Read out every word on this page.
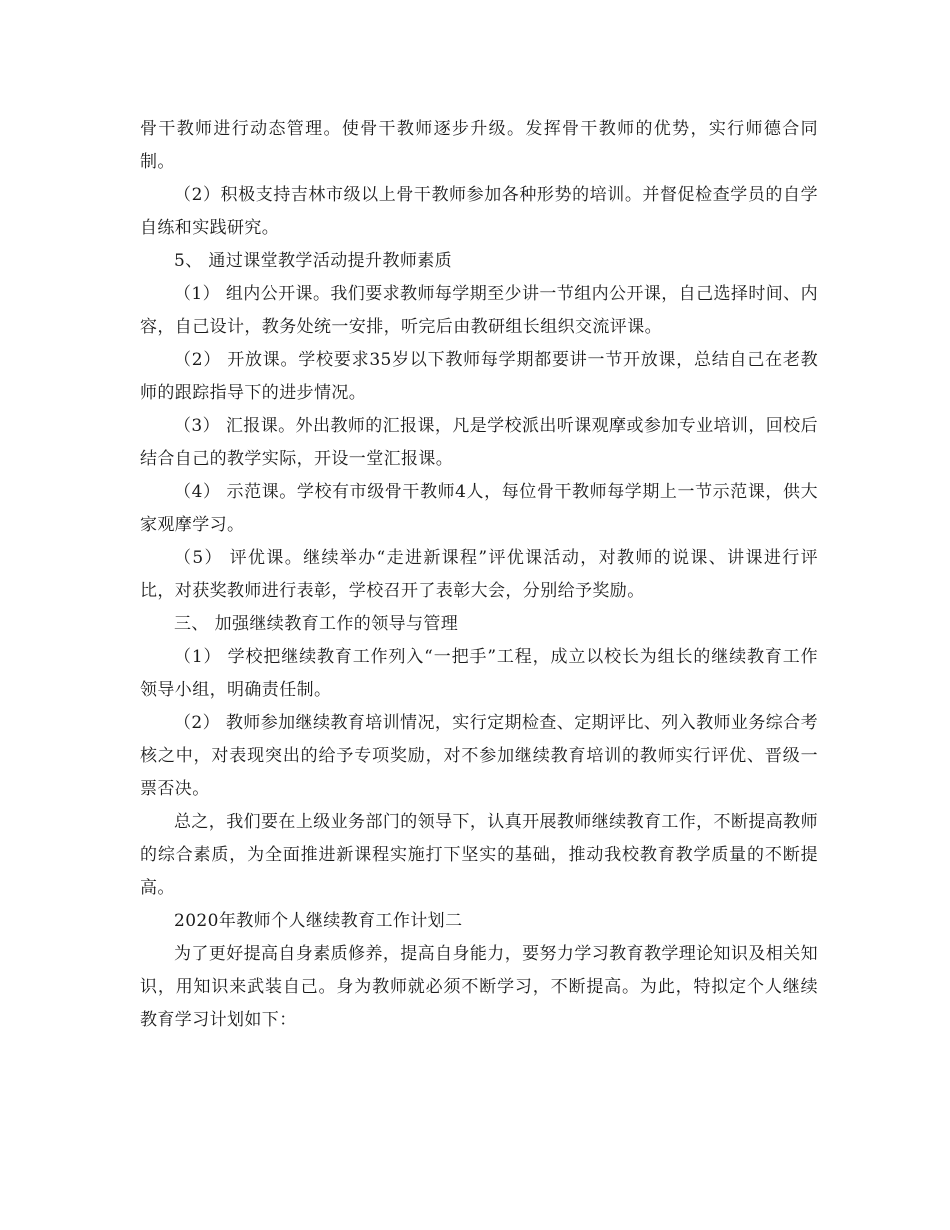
骨干教师进行动态管理。使骨干教师逐步升级。发挥骨干教师的优势，实行师德合同制。

（2）积极支持吉林市级以上骨干教师参加各种形势的培训。并督促检查学员的自学自练和实践研究。

5、 通过课堂教学活动提升教师素质

（1） 组内公开课。我们要求教师每学期至少讲一节组内公开课，自己选择时间、内容，自己设计，教务处统一安排，听完后由教研组长组织交流评课。

（2） 开放课。学校要求35岁以下教师每学期都要讲一节开放课，总结自己在老教师的跟踪指导下的进步情况。

（3） 汇报课。外出教师的汇报课，凡是学校派出听课观摩或参加专业培训，回校后结合自己的教学实际，开设一堂汇报课。

（4） 示范课。学校有市级骨干教师4人，每位骨干教师每学期上一节示范课，供大家观摩学习。

（5） 评优课。继续举办“走进新课程”评优课活动，对教师的说课、讲课进行评比，对获奖教师进行表彰，学校召开了表彰大会，分别给予奖励。

三、 加强继续教育工作的领导与管理

（1） 学校把继续教育工作列入“一把手”工程，成立以校长为组长的继续教育工作领导小组，明确责任制。

（2） 教师参加继续教育培训情况，实行定期检查、定期评比、列入教师业务综合考核之中，对表现突出的给予专项奖励，对不参加继续教育培训的教师实行评优、晋级一票否决。

总之，我们要在上级业务部门的领导下，认真开展教师继续教育工作，不断提高教师的综合素质，为全面推进新课程实施打下坚实的基础，推动我校教育教学质量的不断提高。

2020年教师个人继续教育工作计划二

为了更好提高自身素质修养，提高自身能力，要努力学习教育教学理论知识及相关知识，用知识来武装自己。身为教师就必须不断学习，不断提高。为此，特拟定个人继续教育学习计划如下：
